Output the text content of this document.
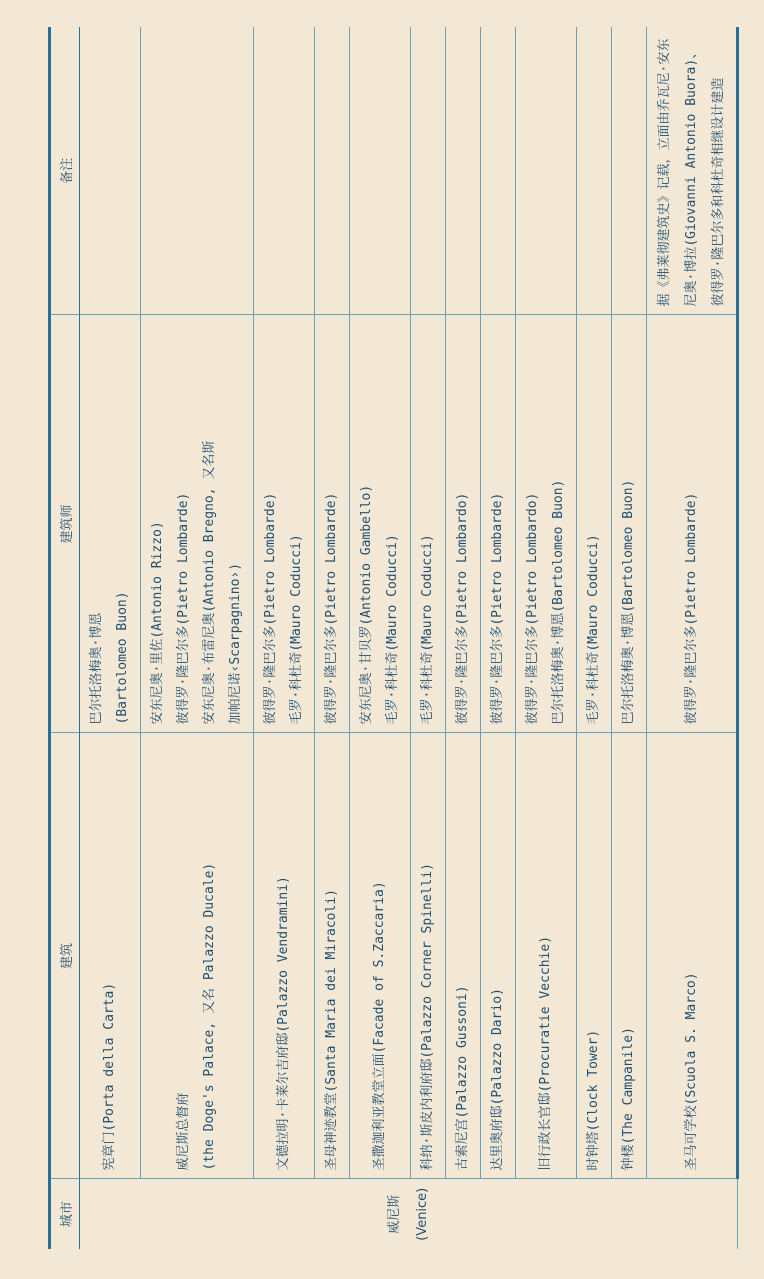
城市	建筑	建筑师	备注

威尼斯 (Venice)	宪章门(Porta della Carta)	巴尔托洛梅奥·博恩 (Bartolomeo Buon)	

	威尼斯总督府 (the Doge's Palace, 又名 Palazzo Ducale)	安东尼奥·里佐(Antonio Rizzo) 彼得罗·隆巴尔多(Pietro Lombarde) 安东尼奥·布雷尼奥(Antonio Bregno, 又名斯 加帕尼诺‹Scarpagnino›)	

	文德拉明·卡莱尔吉府邸(Palazzo Vendramini)	彼得罗·隆巴尔多(Pietro Lombarde) 毛罗·科杜奇(Mauro Coducci)	

	圣母神迹教堂(Santa Maria dei Miracoli)	彼得罗·隆巴尔多(Pietro Lombarde)	

	圣撒迦利亚教堂立面(Facade of S.Zaccaria)	安东尼奥·甘贝罗(Antonio Gambello) 毛罗·科杜奇(Mauro Coducci)	

	科纳·斯皮内利府邸(Palazzo Corner Spinelli)	毛罗·科杜奇(Mauro Coducci)	

	古索尼宫(Palazzo Gussoni)	彼得罗·隆巴尔多(Pietro Lombardo)	

	达里奥府邸(Palazzo Dario)	彼得罗·隆巴尔多(Pietro Lombarde)	

	旧行政长官邸(Procuratie Vecchie)	彼得罗·隆巴尔多(Pietro Lombardo) 巴尔托洛梅奥·博恩(Bartolomeo Buon)	

	时钟塔(Clock Tower)	毛罗·科杜奇(Mauro Coducci)	

	钟楼(The Campanile)	巴尔托洛梅奥·博恩(Bartolomeo Buon)	

	圣马可学校(Scuola S. Marco)	彼得罗·隆巴尔多(Pietro Lombarde)	据《弗莱彻建筑史》记载，立面由乔瓦尼·安东尼奥·博拉(Giovanni Antonio Buora)、彼得罗·隆巴尔多和科杜奇相继设计建造
